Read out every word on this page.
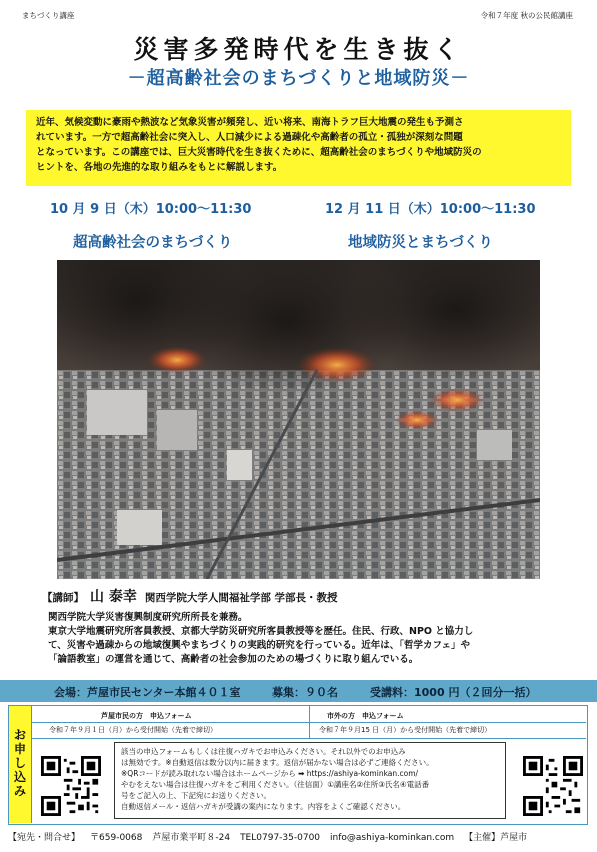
まちづくり講座	令和７年度 秋の公民館講座
災害多発時代を生き抜く
－超高齢社会のまちづくりと地域防災－
近年、気候変動に豪雨や熱波など気象災害が頻発し、近い将来、南海トラフ巨大地震の発生も予測さ
れています。一方で超高齢社会に突入し、人口減少による過疎化や高齢者の孤立・孤独が深刻な問題
となっています。この講座では、巨大災害時代を生き抜くために、超高齢社会のまちづくりや地域防災の
ヒントを、各地の先進的な取り組みをもとに解説します。
10 月 9 日（木）10:00～11:30	12 月 11 日（木）10:00～11:30
超高齢社会のまちづくり	地域防災とまちづくり
【講師】 山 泰幸 関西学院大学人間福祉学部 学部長・教授
関西学院大学災害復興制度研究所所長を兼務。
東京大学地震研究所客員教授、京都大学防災研究所客員教授等を歴任。住民、行政、NPO と協力し
て、災害や過疎からの地域復興やまちづくりの実践的研究を行っている。近年は、「哲学カフェ」や
「論語教室」の運営を通じて、高齢者の社会参加のための場づくりに取り組んでいる。
会場：芦屋市民センター本館４０１室	募集：９０名	受講料：1000 円（２回分一括）
お
申
し
込
み
芦屋市民の方　申込フォーム	市外の方　申込フォーム
令和７年９月１日（月）から受付開始（先着で締切）	令和７年９月15 日（月）から受付開始（先着で締切）
該当の申込フォームもしくは往復ハガキでお申込みください。それ以外でのお申込み
は無効です。※自動返信は数分以内に届きます。返信が届かない場合は必ずご連絡ください。
※QRコードが読み取れない場合はホームページから ➡ https://ashiya-kominkan.com/
やむをえない場合は往復ハガキをご利用ください。（往信面）①講座名②住所③氏名④電話番
号をご記入の上、下記宛にお送りください。
自動返信メール・返信ハガキが受講の案内になります。内容をよくご確認ください。
【宛先・問合せ】 〒659-0068 芦屋市業平町８-24 TEL0797-35-0700 info@ashiya-kominkan.com 【主催】芦屋市
